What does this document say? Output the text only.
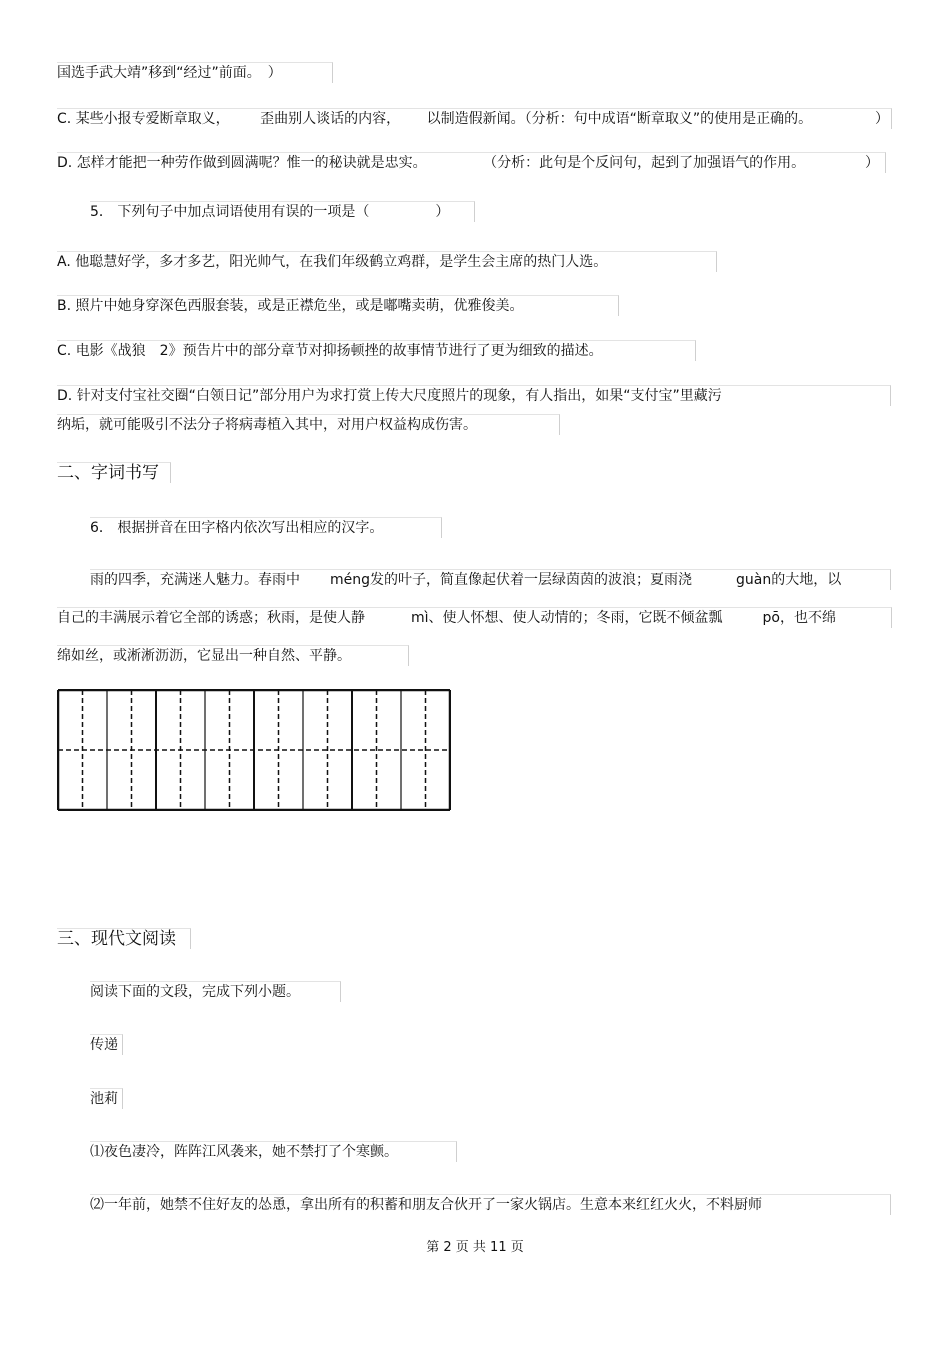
国选手武大靖”移到“经过”前面。　）
C. 某些小报专爱断章取义， 歪曲别人谈话的内容， 以制造假新闻。（分析：句中成语“断章取义”的使用是正确的。	）
D. 怎样才能把一种劳作做到圆满呢？惟一的秘诀就是忠实。	（分析：此句是个反问句，起到了加强语气的作用。	）
5． 下列句子中加点词语使用有误的一项是（	）
A. 他聪慧好学，多才多艺，阳光帅气，在我们年级鹤立鸡群，是学生会主席的热门人选。
B. 照片中她身穿深色西服套装，或是正襟危坐，或是嘟嘴卖萌，优雅俊美。
C. 电影《战狼　2》预告片中的部分章节对抑扬顿挫的故事情节进行了更为细致的描述。
D. 针对支付宝社交圈“白领日记”部分用户为求打赏上传大尺度照片的现象，有人指出，如果“支付宝”里藏污
纳垢，就可能吸引不法分子将病毒植入其中，对用户权益构成伤害。
二、字词书写
6． 根据拼音在田字格内依次写出相应的汉字。
雨的四季，充满迷人魅力。春雨中 méng发的叶子，简直像起伏着一层绿茵茵的波浪；夏雨浇	guàn的大地，以
自己的丰满展示着它全部的诱惑；秋雨，是使人静	mì、使人怀想、使人动情的；冬雨，它既不倾盆瓢	pō，也不绵
绵如丝，或淅淅沥沥，它显出一种自然、平静。
三、现代文阅读
阅读下面的文段，完成下列小题。
传递
池莉
⑴夜色凄冷，阵阵江风袭来，她不禁打了个寒颤。
⑵一年前，她禁不住好友的怂恿，拿出所有的积蓄和朋友合伙开了一家火锅店。生意本来红红火火，不料厨师
第 2 页 共 11 页
